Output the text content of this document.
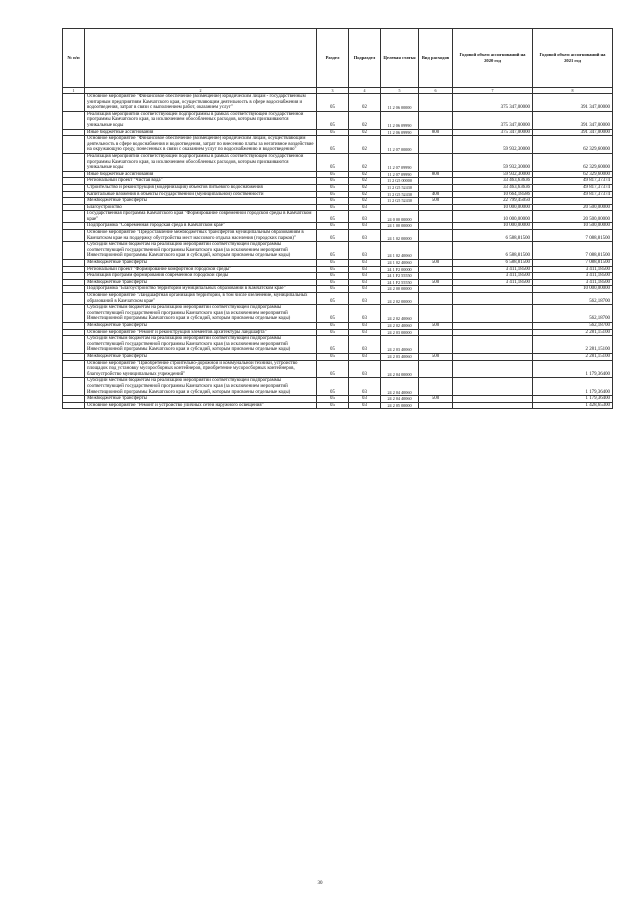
№ п/п		Раздел	Подраздел	Целевая статья	Вид расходов	Годовой объем ассигнований на 2020 год	Годовой объем ассигнований на 2021 год
1	2	3	4	5	6	7	8
	Основное мероприятие "Финансовое обеспечение (возмещение) юридическим лицам - государственным унитарным предприятиям Камчатского края, осуществляющим деятельность в сфере водоснабжения и водоотведения, затрат в связи с выполнением работ, оказанием услуг"	05	02	11 2 06 00000		375 347,00000	391 347,00000
	Реализация мероприятий соответствующей подпрограммы в рамках соответствующей государственной программы Камчатского края, за исключением обособленных расходов, которым присваиваются уникальные коды	05	02	11 2 06 09990		375 347,00000	391 347,00000
	Иные бюджетные ассигнования	05	02	11 2 06 09990	800	375 347,00000	391 347,00000
	Основное мероприятие "Финансовое обеспечение (возмещение) юридическим лицам, осуществляющим деятельность в сфере водоснабжения и водоотведения, затрат по внесению платы за негативное воздействие на окружающую среду, понесенных в связи с оказанием услуг по водоснабжению и водоотведению"	05	02	11 2 07 00000		59 932,30000	62 329,60000
	Реализация мероприятий соответствующей подпрограммы в рамках соответствующей государственной программы Камчатского края, за исключением обособленных расходов, которым присваиваются уникальные коды	05	02	11 2 07 09990		59 932,30000	62 329,60000
	Иные бюджетные ассигнования	05	02	11 2 07 09990	800	59 932,30000	62 329,60000
	Региональный проект "Чистая вода"	05	02	11 2 G5 00000		33 463,63636	49 817,37374
	Строительство и реконструкция (модернизация) объектов питьевого водоснабжения	05	02	11 2 G5 52430		33 463,63636	49 817,37374
	Капитальные вложения в объекты государственной (муниципальной) собственности	05	02	11 2 G5 52430	400	10 664,18586	49 817,37374
	Межбюджетные трансферты	05	02	11 2 G5 52430	500	22 799,45050	
	Благоустройство	05	03			10 000,00000	20 500,00000
	Государственная программа Камчатского края "Формирование современной городской среды в Камчатском крае"	05	03	24 0 00 00000		10 000,00000	20 500,00000
	Подпрограмма "Современная городская среда в Камчатском крае"	05	03	24 1 00 00000		10 000,00000	10 500,00000
	Основное мероприятие "Предоставление межбюджетных трансфертов муниципальным образованиям в Камчатском крае на поддержку обустройства мест массового отдыха населения (городских парков)"	05	03	24 1 02 00000		6 588,81500	7 088,81500
	Субсидии местным бюджетам на реализацию мероприятий соответствующей подпрограммы соответствующей государственной программы Камчатского края (за исключением мероприятий Инвестиционной программы Камчатского края и субсидий, которым присвоены отдельные коды)	05	03	24 1 02 40060		6 588,81500	7 088,81500
	Межбюджетные трансферты	05	03	24 1 02 40060	500	6 588,81500	7 088,81500
	Региональный проект "Формирование комфортной городской среды"	05	03	24 1 F2 00000		3 411,18500	3 411,18500
	Реализация программ формирования современной городской среды	05	03	24 1 F2 55550		3 411,18500	3 411,18500
	Межбюджетные трансферты	05	03	24 1 F2 55550	500	3 411,18500	3 411,18500
	Подпрограмма "Благоустройство территорий муниципальных образований в Камчатском крае"	05	03	24 2 00 00000			10 000,00000
	Основное мероприятие "Ландшафтная организация территорий, в том числе озеленение, муниципальных образований в Камчатском крае"	05	03	24 2 02 00000			562,18700
	Субсидии местным бюджетам на реализацию мероприятий соответствующей подпрограммы соответствующей государственной программы Камчатского края (за исключением мероприятий Инвестиционной программы Камчатского края и субсидий, которым присвоены отдельные коды)	05	03	24 2 02 40060			562,18700
	Межбюджетные трансферты	05	03	24 2 02 40060	500		562,18700
	Основное мероприятие "Ремонт и реконструкция элементов архитектуры ландшафта"	05	03	24 2 03 00000			2 281,15100
	Субсидии местным бюджетам на реализацию мероприятий соответствующей подпрограммы соответствующей государственной программы Камчатского края (за исключением мероприятий Инвестиционной программы Камчатского края и субсидий, которым присвоены отдельные коды)	05	03	24 2 03 40060			2 281,15100
	Межбюджетные трансферты	05	03	24 2 03 40060	500		2 281,15100
	Основное мероприятие "Приобретение строительно-дорожной и коммунальной техники, устройство площадок под установку мусоросборных контейнеров, приобретение мусоросборных контейнеров, благоустройство муниципальных учреждений"	05	03	24 2 04 00000			1 179,36400
	Субсидии местным бюджетам на реализацию мероприятий соответствующей подпрограммы соответствующей государственной программы Камчатского края (за исключением мероприятий Инвестиционной программы Камчатского края и субсидий, которым присвоены отдельные коды)	05	03	24 2 04 40060			1 179,36400
	Межбюджетные трансферты	05	03	24 2 04 40060	500		1 179,36400
	Основное мероприятие "Ремонт и устройство уличных сетей наружного освещения"	05	03	24 2 05 00000			1 428,65300
30
